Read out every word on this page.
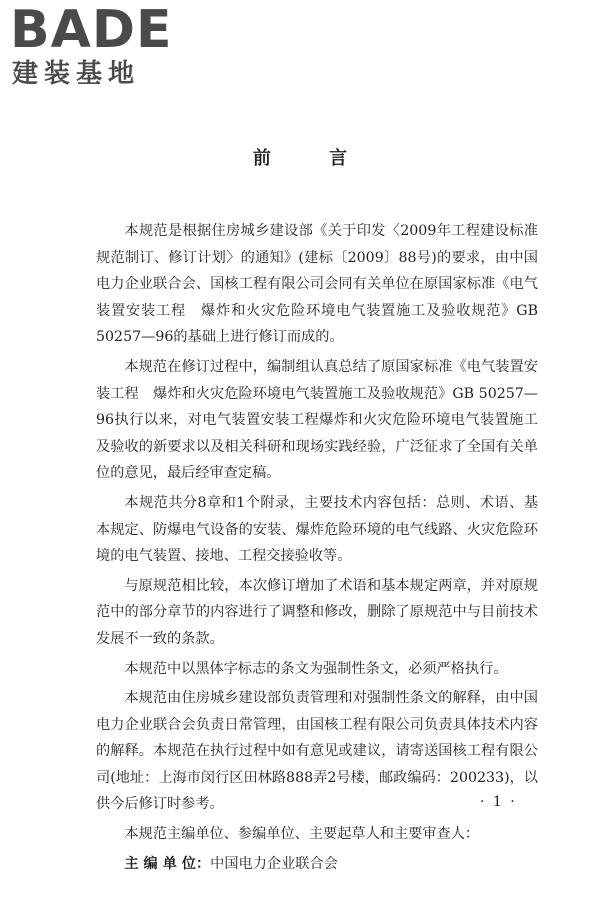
BADE
建装基地
前 言

本规范是根据住房城乡建设部《关于印发〈2009年工程建设标准规范制订、修订计划〉的通知》(建标〔2009〕88号)的要求，由中国电力企业联合会、国核工程有限公司会同有关单位在原国家标准《电气装置安装工程　爆炸和火灾危险环境电气装置施工及验收规范》GB 50257—96的基础上进行修订而成的。

本规范在修订过程中，编制组认真总结了原国家标准《电气装置安装工程　爆炸和火灾危险环境电气装置施工及验收规范》GB 50257—96执行以来，对电气装置安装工程爆炸和火灾危险环境电气装置施工及验收的新要求以及相关科研和现场实践经验，广泛征求了全国有关单位的意见，最后经审查定稿。

本规范共分8章和1个附录，主要技术内容包括：总则、术语、基本规定、防爆电气设备的安装、爆炸危险环境的电气线路、火灾危险环境的电气装置、接地、工程交接验收等。

与原规范相比较，本次修订增加了术语和基本规定两章，并对原规范中的部分章节的内容进行了调整和修改，删除了原规范中与目前技术发展不一致的条款。

本规范中以黑体字标志的条文为强制性条文，必须严格执行。

本规范由住房城乡建设部负责管理和对强制性条文的解释，由中国电力企业联合会负责日常管理，由国核工程有限公司负责具体技术内容的解释。本规范在执行过程中如有意见或建议，请寄送国核工程有限公司(地址：上海市闵行区田林路888弄2号楼，邮政编码：200233)，以供今后修订时参考。

本规范主编单位、参编单位、主要起草人和主要审查人：

主 编 单 位：中国电力企业联合会

· 1 ·
